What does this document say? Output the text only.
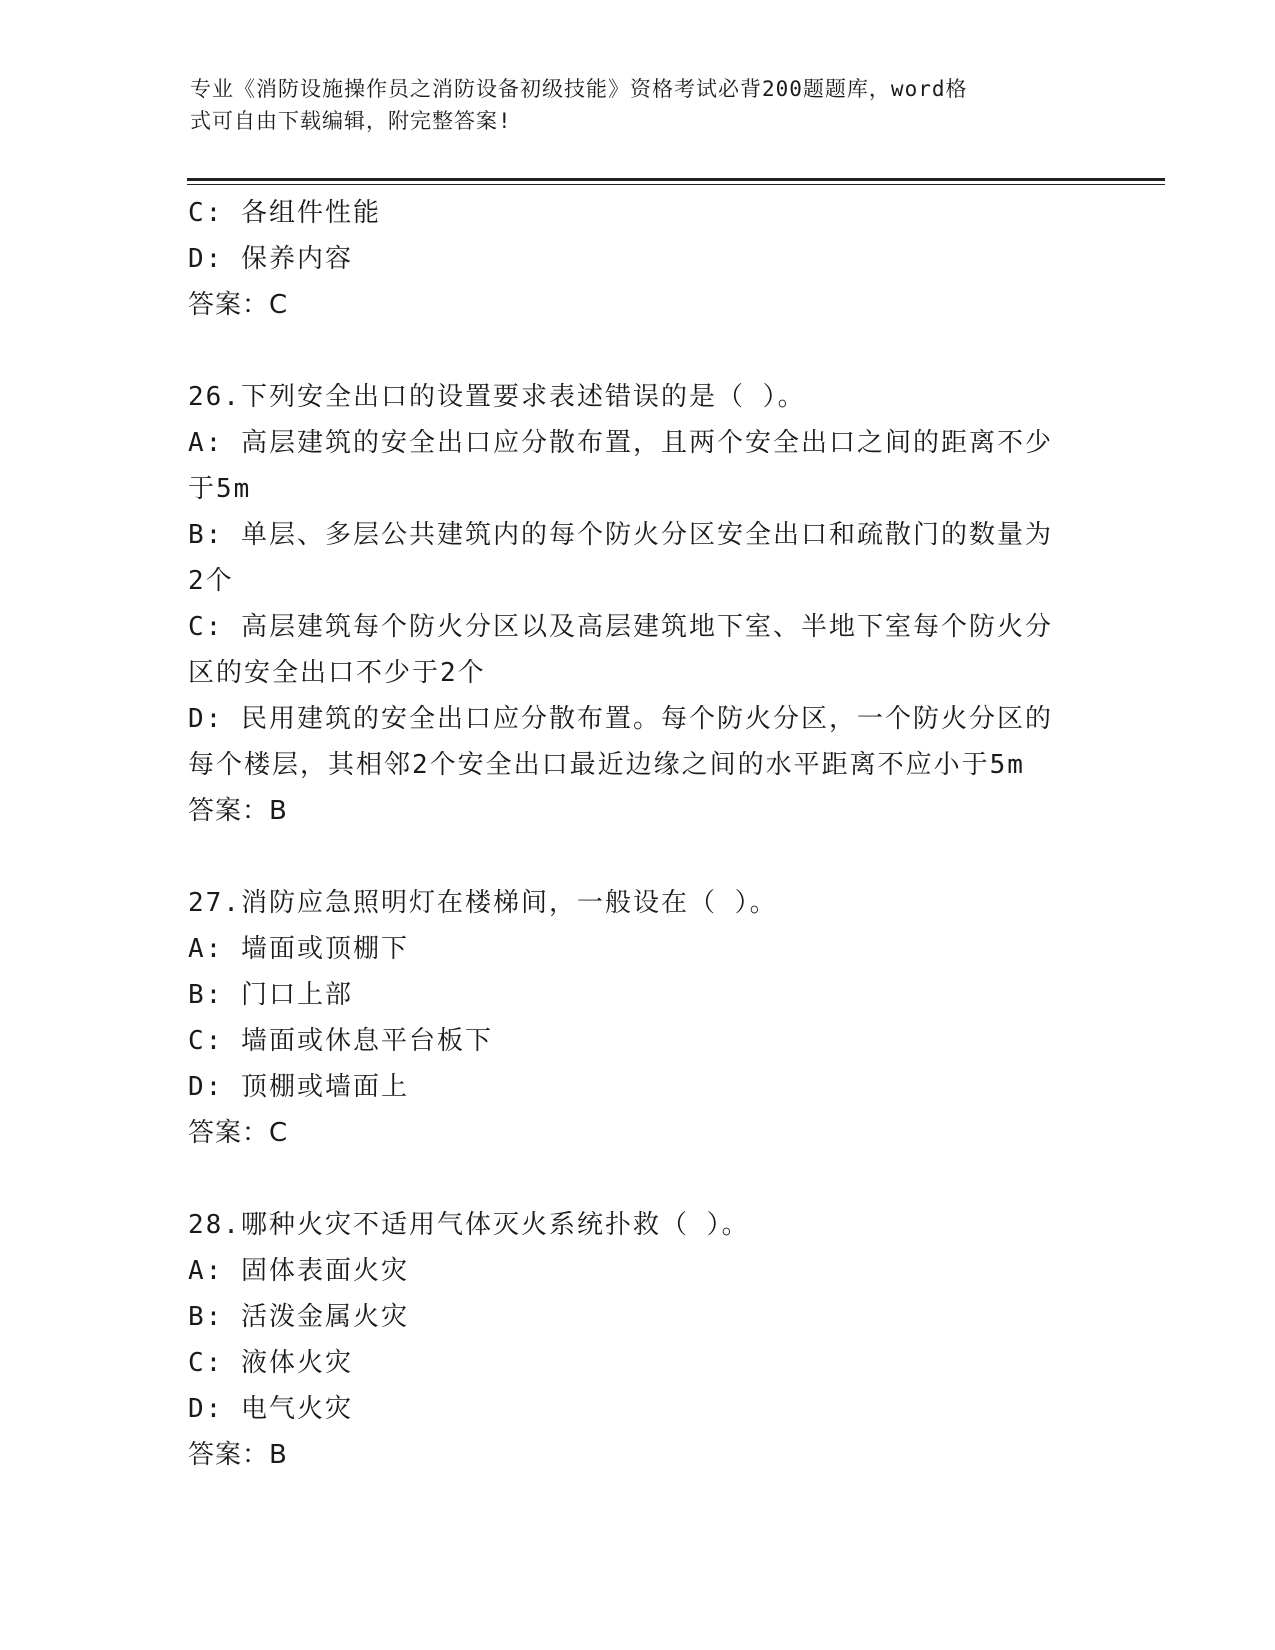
专业《消防设施操作员之消防设备初级技能》资格考试必背200题题库，word格
式可自由下载编辑，附完整答案!
C: 各组件性能
D: 保养内容
答案：C
26.下列安全出口的设置要求表述错误的是（ ）。
A: 高层建筑的安全出口应分散布置，且两个安全出口之间的距离不少
于5m
B: 单层、多层公共建筑内的每个防火分区安全出口和疏散门的数量为
2个
C: 高层建筑每个防火分区以及高层建筑地下室、半地下室每个防火分
区的安全出口不少于2个
D: 民用建筑的安全出口应分散布置。每个防火分区，一个防火分区的
每个楼层，其相邻2个安全出口最近边缘之间的水平距离不应小于5m
答案：B
27.消防应急照明灯在楼梯间，一般设在（ ）。
A: 墙面或顶棚下
B: 门口上部
C: 墙面或休息平台板下
D: 顶棚或墙面上
答案：C
28.哪种火灾不适用气体灭火系统扑救（ ）。
A: 固体表面火灾
B: 活泼金属火灾
C: 液体火灾
D: 电气火灾
答案：B
